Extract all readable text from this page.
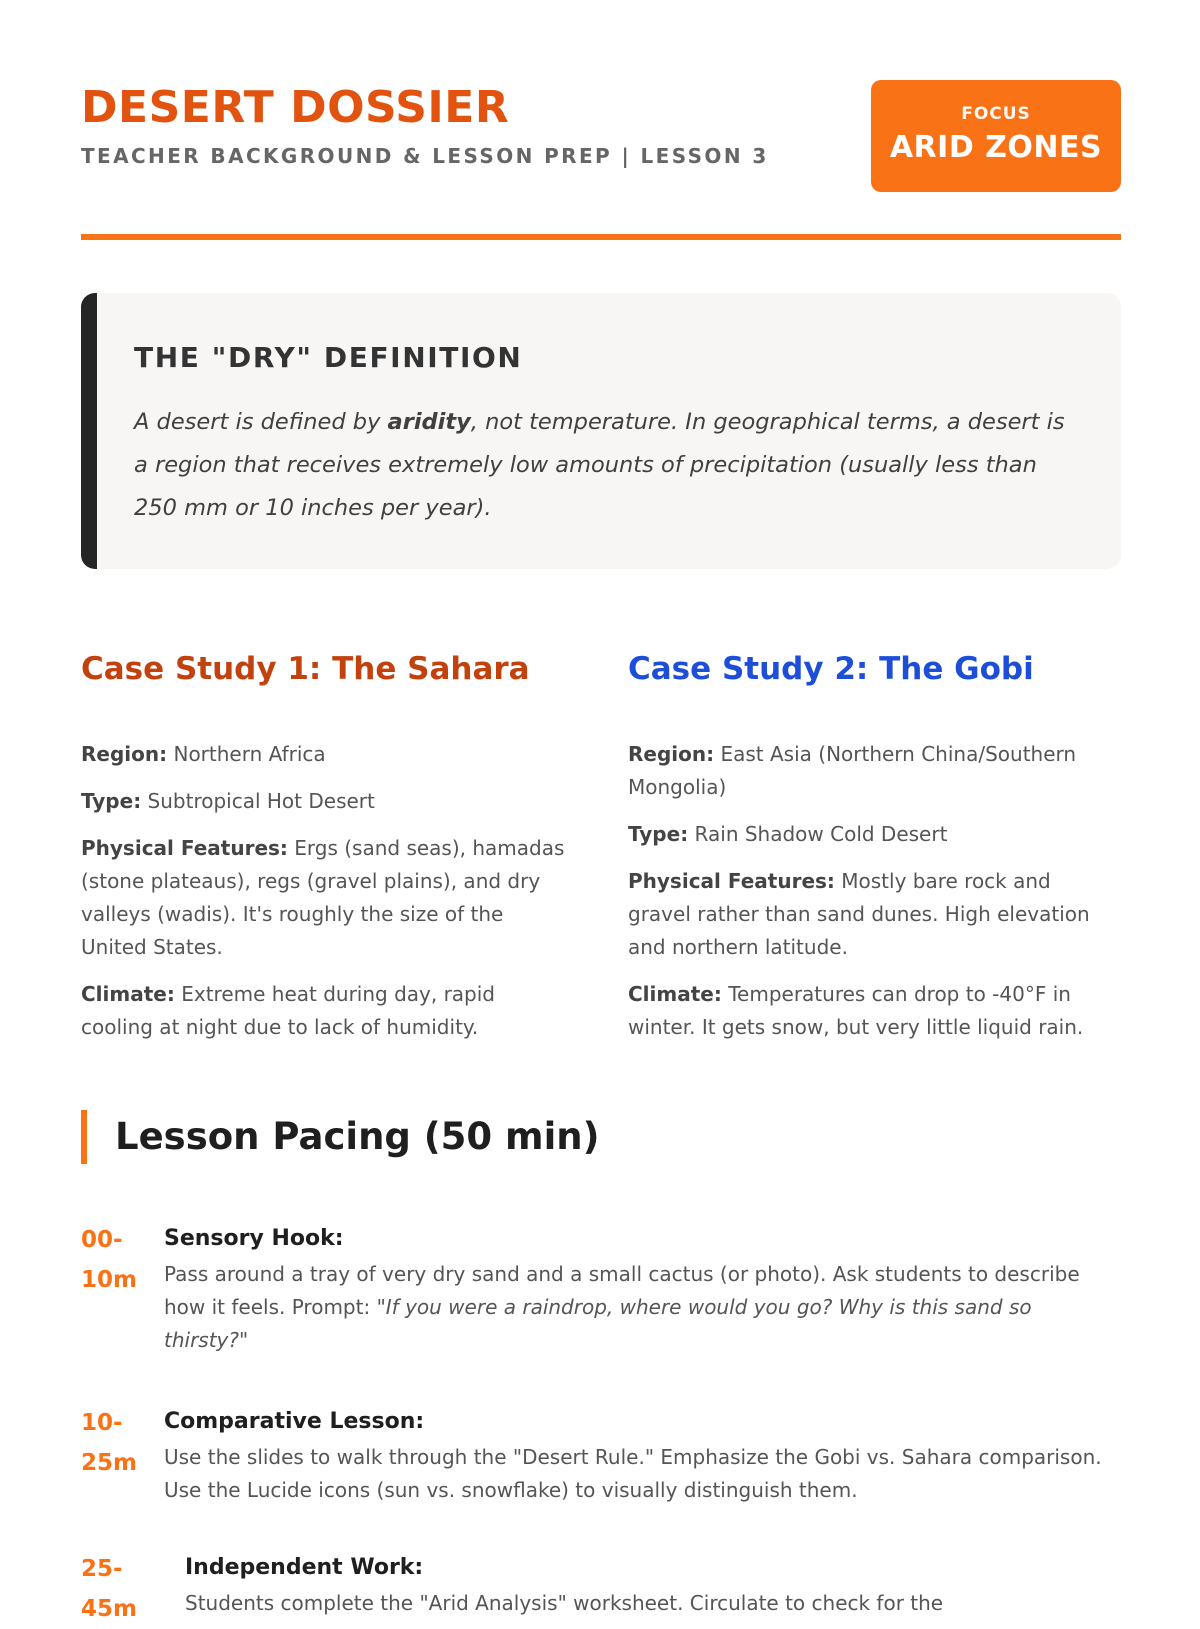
DESERT DOSSIER
TEACHER BACKGROUND & LESSON PREP | LESSON 3
FOCUS
ARID ZONES
THE "DRY" DEFINITION

A desert is defined by aridity, not temperature. In geographical terms, a desert is a region that receives extremely low amounts of precipitation (usually less than 250 mm or 10 inches per year).

Case Study 1: The Sahara

Region: Northern Africa

Type: Subtropical Hot Desert

Physical Features: Ergs (sand seas), hamadas (stone plateaus), regs (gravel plains), and dry valleys (wadis). It's roughly the size of the United States.

Climate: Extreme heat during day, rapid cooling at night due to lack of humidity.

Case Study 2: The Gobi

Region: East Asia (Northern China/Southern Mongolia)

Type: Rain Shadow Cold Desert

Physical Features: Mostly bare rock and gravel rather than sand dunes. High elevation and northern latitude.

Climate: Temperatures can drop to -40°F in winter. It gets snow, but very little liquid rain.

Lesson Pacing (50 min)
00-
10m

Sensory Hook:

Pass around a tray of very dry sand and a small cactus (or photo). Ask students to describe how it feels. Prompt: "If you were a raindrop, where would you go? Why is this sand so thirsty?"

10-
25m

Comparative Lesson:

Use the slides to walk through the "Desert Rule." Emphasize the Gobi vs. Sahara comparison. Use the Lucide icons (sun vs. snowflake) to visually distinguish them.

25-
45m

Independent Work:

Students complete the "Arid Analysis" worksheet. Circulate to check for the
